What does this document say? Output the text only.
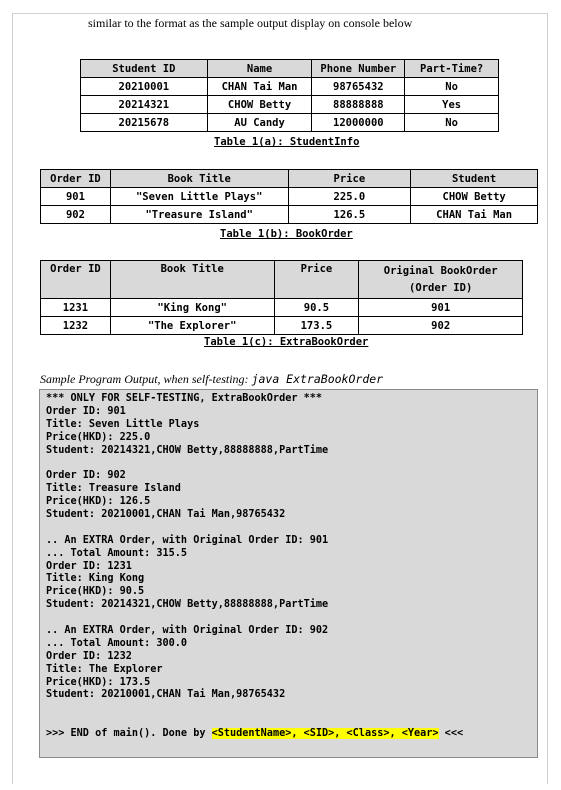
similar to the format as the sample output display on console below
Student ID	Name	Phone Number	Part-Time?
20210001	CHAN Tai Man	98765432	No
20214321	CHOW Betty	88888888	Yes
20215678	AU Candy	12000000	No
Table 1(a): StudentInfo
Order ID	Book Title	Price	Student
901	"Seven Little Plays"	225.0	CHOW Betty
902	"Treasure Island"	126.5	CHAN Tai Man
Table 1(b): BookOrder
Order ID	Book Title	Price	Original BookOrder
(Order ID)

1231	"King Kong"	90.5	901
1232	"The Explorer"	173.5	902
Table 1(c): ExtraBookOrder
Sample Program Output, when self-testing: java ExtraBookOrder
*** ONLY FOR SELF-TESTING, ExtraBookOrder ***
Order ID: 901
Title: Seven Little Plays
Price(HKD): 225.0
Student: 20214321,CHOW Betty,88888888,PartTime
Order ID: 902
Title: Treasure Island
Price(HKD): 126.5
Student: 20210001,CHAN Tai Man,98765432
.. An EXTRA Order, with Original Order ID: 901
... Total Amount: 315.5
Order ID: 1231
Title: King Kong
Price(HKD): 90.5
Student: 20214321,CHOW Betty,88888888,PartTime
.. An EXTRA Order, with Original Order ID: 902
... Total Amount: 300.0
Order ID: 1232
Title: The Explorer
Price(HKD): 173.5
Student: 20210001,CHAN Tai Man,98765432
>>> END of main(). Done by <StudentName>, <SID>, <Class>, <Year> <<<
